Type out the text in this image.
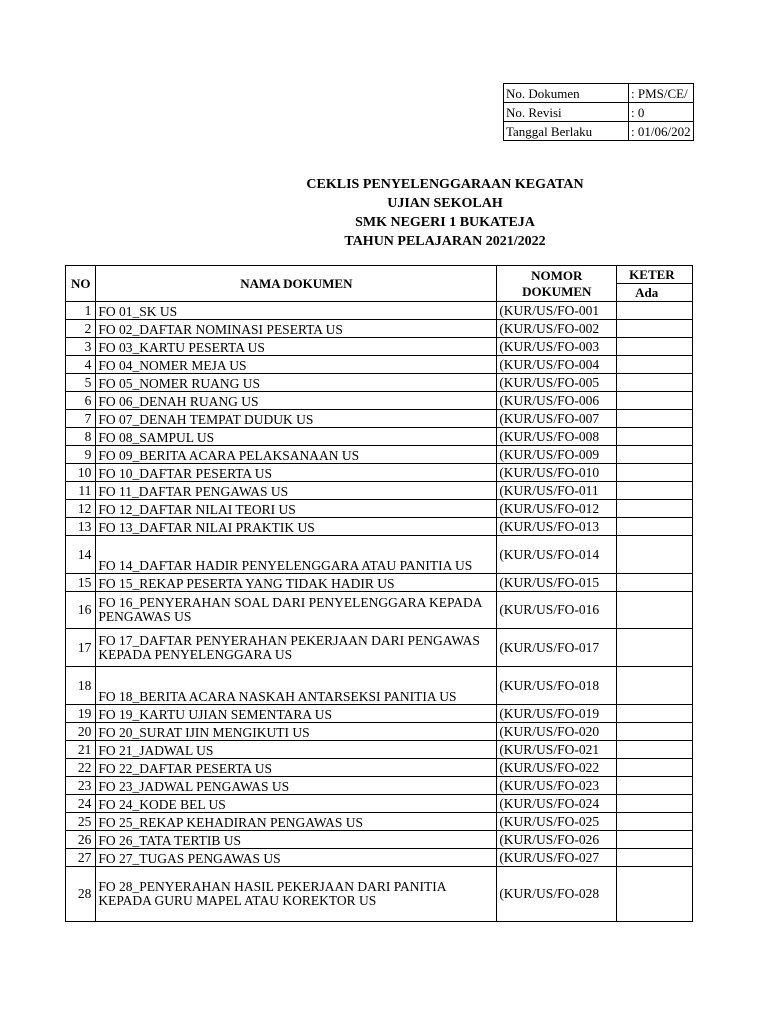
No. Dokumen	: PMS/CE/
No. Revisi	: 0
Tanggal Berlaku	: 01/06/202
CEKLIS PENYELENGGARAAN KEGATAN
UJIAN SEKOLAH
SMK NEGERI 1 BUKATEJA
TAHUN PELAJARAN 2021/2022
NO	NAMA DOKUMEN	NOMOR DOKUMEN	KETER
			Ada
1	FO 01_SK US	(KUR/US/FO-001	
2	FO 02_DAFTAR NOMINASI PESERTA US	(KUR/US/FO-002	
3	FO 03_KARTU PESERTA US	(KUR/US/FO-003	
4	FO 04_NOMER MEJA US	(KUR/US/FO-004	
5	FO 05_NOMER RUANG US	(KUR/US/FO-005	
6	FO 06_DENAH RUANG US	(KUR/US/FO-006	
7	FO 07_DENAH TEMPAT DUDUK US	(KUR/US/FO-007	
8	FO 08_SAMPUL US	(KUR/US/FO-008	
9	FO 09_BERITA ACARA PELAKSANAAN US	(KUR/US/FO-009	
10	FO 10_DAFTAR PESERTA US	(KUR/US/FO-010	
11	FO 11_DAFTAR PENGAWAS US	(KUR/US/FO-011	
12	FO 12_DAFTAR NILAI TEORI US	(KUR/US/FO-012	
13	FO 13_DAFTAR NILAI PRAKTIK US	(KUR/US/FO-013	
14	FO 14_DAFTAR HADIR PENYELENGGARA ATAU PANITIA US	(KUR/US/FO-014	
15	FO 15_REKAP PESERTA YANG TIDAK HADIR US	(KUR/US/FO-015	
16	FO 16_PENYERAHAN SOAL DARI PENYELENGGARA KEPADA PENGAWAS US	(KUR/US/FO-016	
17	FO 17_DAFTAR PENYERAHAN PEKERJAAN DARI PENGAWAS KEPADA PENYELENGGARA US	(KUR/US/FO-017	
18	FO 18_BERITA ACARA NASKAH ANTARSEKSI PANITIA US	(KUR/US/FO-018	
19	FO 19_KARTU UJIAN SEMENTARA US	(KUR/US/FO-019	
20	FO 20_SURAT IJIN MENGIKUTI US	(KUR/US/FO-020	
21	FO 21_JADWAL US	(KUR/US/FO-021	
22	FO 22_DAFTAR PESERTA US	(KUR/US/FO-022	
23	FO 23_JADWAL PENGAWAS US	(KUR/US/FO-023	
24	FO 24_KODE BEL US	(KUR/US/FO-024	
25	FO 25_REKAP KEHADIRAN PENGAWAS US	(KUR/US/FO-025	
26	FO 26_TATA TERTIB US	(KUR/US/FO-026	
27	FO 27_TUGAS PENGAWAS US	(KUR/US/FO-027	
28	FO 28_PENYERAHAN HASIL PEKERJAAN DARI PANITIA KEPADA GURU MAPEL ATAU KOREKTOR US	(KUR/US/FO-028	
